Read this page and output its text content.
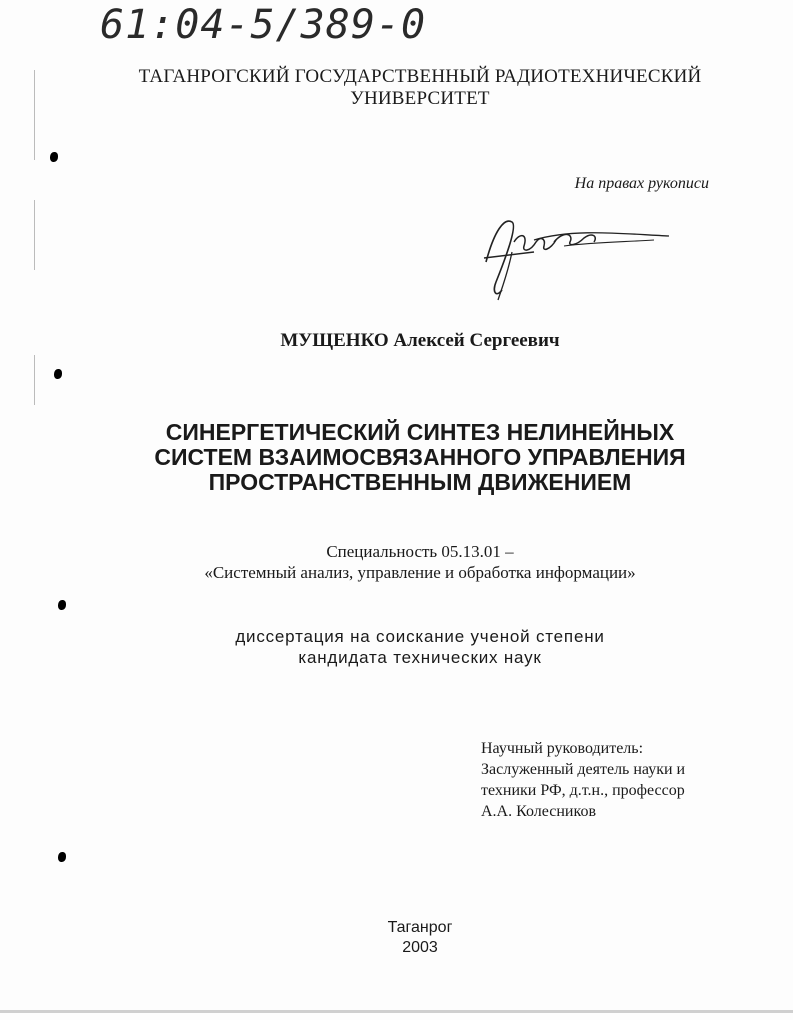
61:04-5/389-0
ТАГАНРОГСКИЙ ГОСУДАРСТВЕННЫЙ РАДИОТЕХНИЧЕСКИЙ
УНИВЕРСИТЕТ
На правах рукописи
МУЩЕНКО Алексей Сергеевич
СИНЕРГЕТИЧЕСКИЙ СИНТЕЗ НЕЛИНЕЙНЫХ
СИСТЕМ ВЗАИМОСВЯЗАННОГО УПРАВЛЕНИЯ
ПРОСТРАНСТВЕННЫМ ДВИЖЕНИЕМ
Специальность 05.13.01 –
«Системный анализ, управление и обработка информации»
диссертация на соискание ученой степени
кандидата технических наук
Научный руководитель:
Заслуженный деятель науки и
техники РФ, д.т.н., профессор
А.А. Колесников
Таганрог
2003
